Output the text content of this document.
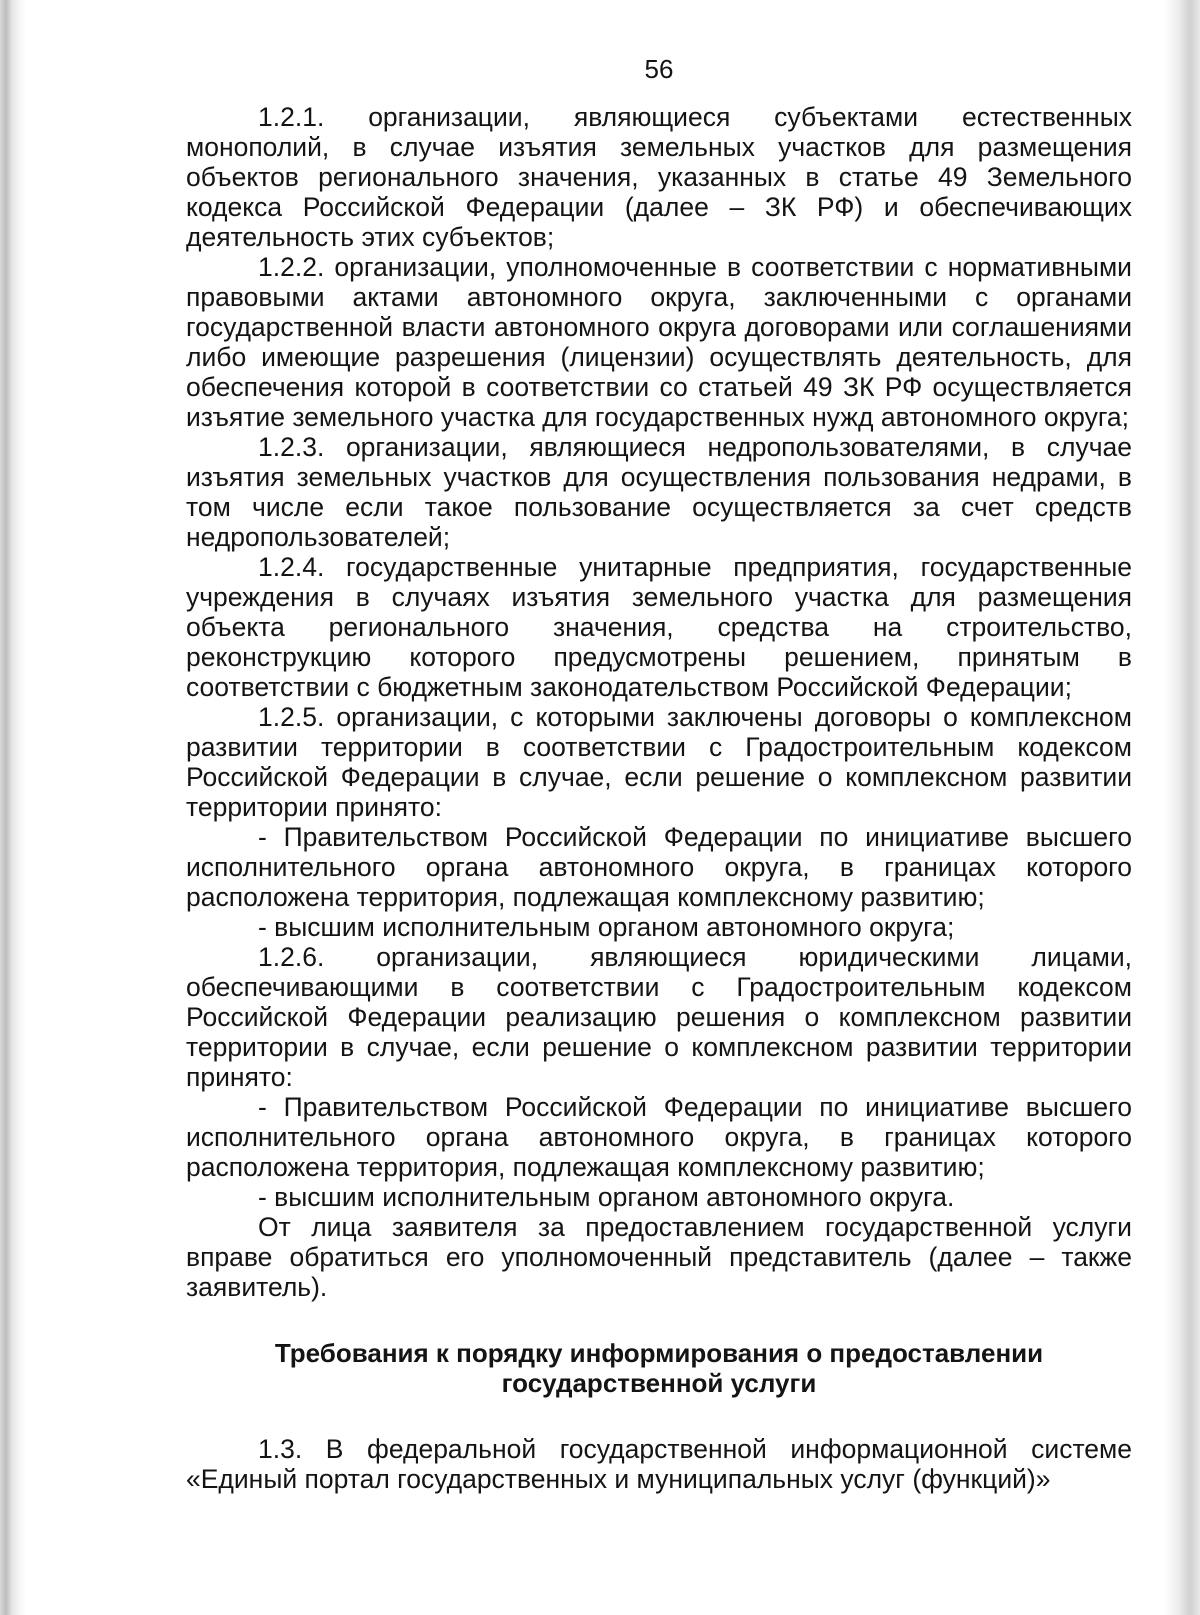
56

1.2.1. организации, являющиеся субъектами естественных монополий, в случае изъятия земельных участков для размещения объектов регионального значения, указанных в статье 49 Земельного кодекса Российской Федерации (далее – ЗК РФ) и обеспечивающих деятельность этих субъектов;

1.2.2. организации, уполномоченные в соответствии с нормативными правовыми актами автономного округа, заключенными с органами государственной власти автономного округа договорами или соглашениями либо имеющие разрешения (лицензии) осуществлять деятельность, для обеспечения которой в соответствии со статьей 49 ЗК РФ осуществляется изъятие земельного участка для государственных нужд автономного округа;

1.2.3. организации, являющиеся недропользователями, в случае изъятия земельных участков для осуществления пользования недрами, в том числе если такое пользование осуществляется за счет средств недропользователей;

1.2.4. государственные унитарные предприятия, государственные учреждения в случаях изъятия земельного участка для размещения объекта регионального значения, средства на строительство, реконструкцию которого предусмотрены решением, принятым в соответствии с бюджетным законодательством Российской Федерации;

1.2.5. организации, с которыми заключены договоры о комплексном развитии территории в соответствии с Градостроительным кодексом Российской Федерации в случае, если решение о комплексном развитии территории принято:

- Правительством Российской Федерации по инициативе высшего исполнительного органа автономного округа, в границах которого расположена территория, подлежащая комплексному развитию;

- высшим исполнительным органом автономного округа;

1.2.6. организации, являющиеся юридическими лицами, обеспечивающими в соответствии с Градостроительным кодексом Российской Федерации реализацию решения о комплексном развитии территории в случае, если решение о комплексном развитии территории принято:

- Правительством Российской Федерации по инициативе высшего исполнительного органа автономного округа, в границах которого расположена территория, подлежащая комплексному развитию;

- высшим исполнительным органом автономного округа.

От лица заявителя за предоставлением государственной услуги вправе обратиться его уполномоченный представитель (далее – также заявитель).

Требования к порядку информирования о предоставлении государственной услуги

1.3. В федеральной государственной информационной системе «Единый портал государственных и муниципальных услуг (функций)»
